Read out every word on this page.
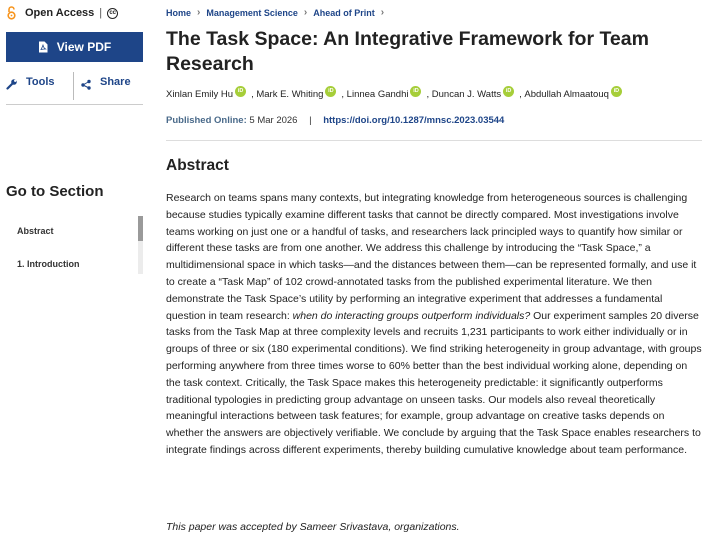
Open Access |	cc
View PDF
Tools	Share
Go to Section
Abstract
1. Introduction
Home › Management Science › Ahead of Print ›
The Task Space: An Integrative Framework for Team Research
Xinlan Emily Hu iD ,
Mark E. Whiting iD ,
Linnea Gandhi iD ,
Duncan J. Watts iD ,
Abdullah Almaatouq iD
Published Online: 5 Mar 2026 | https://doi.org/10.1287/mnsc.2023.03544
Abstract

Research on teams spans many contexts, but integrating knowledge from heterogeneous sources is challenging because studies typically examine different tasks that cannot be directly compared. Most investigations involve teams working on just one or a handful of tasks, and researchers lack principled ways to quantify how similar or different these tasks are from one another. We address this challenge by introducing the “Task Space,” a multidimensional space in which tasks—and the distances between them—can be represented formally, and use it to create a “Task Map” of 102 crowd-annotated tasks from the published experimental literature. We then demonstrate the Task Space’s utility by performing an integrative experiment that addresses a fundamental question in team research: when do interacting groups outperform individuals? Our experiment samples 20 diverse tasks from the Task Map at three complexity levels and recruits 1,231 participants to work either individually or in groups of three or six (180 experimental conditions). We find striking heterogeneity in group advantage, with groups performing anywhere from three times worse to 60% better than the best individual working alone, depending on the task context. Critically, the Task Space makes this heterogeneity predictable: it significantly outperforms traditional typologies in predicting group advantage on unseen tasks. Our models also reveal theoretically meaningful interactions between task features; for example, group advantage on creative tasks depends on whether the answers are objectively verifiable. We conclude by arguing that the Task Space enables researchers to integrate findings across different experiments, thereby building cumulative knowledge about team performance.

This paper was accepted by Sameer Srivastava, organizations.
